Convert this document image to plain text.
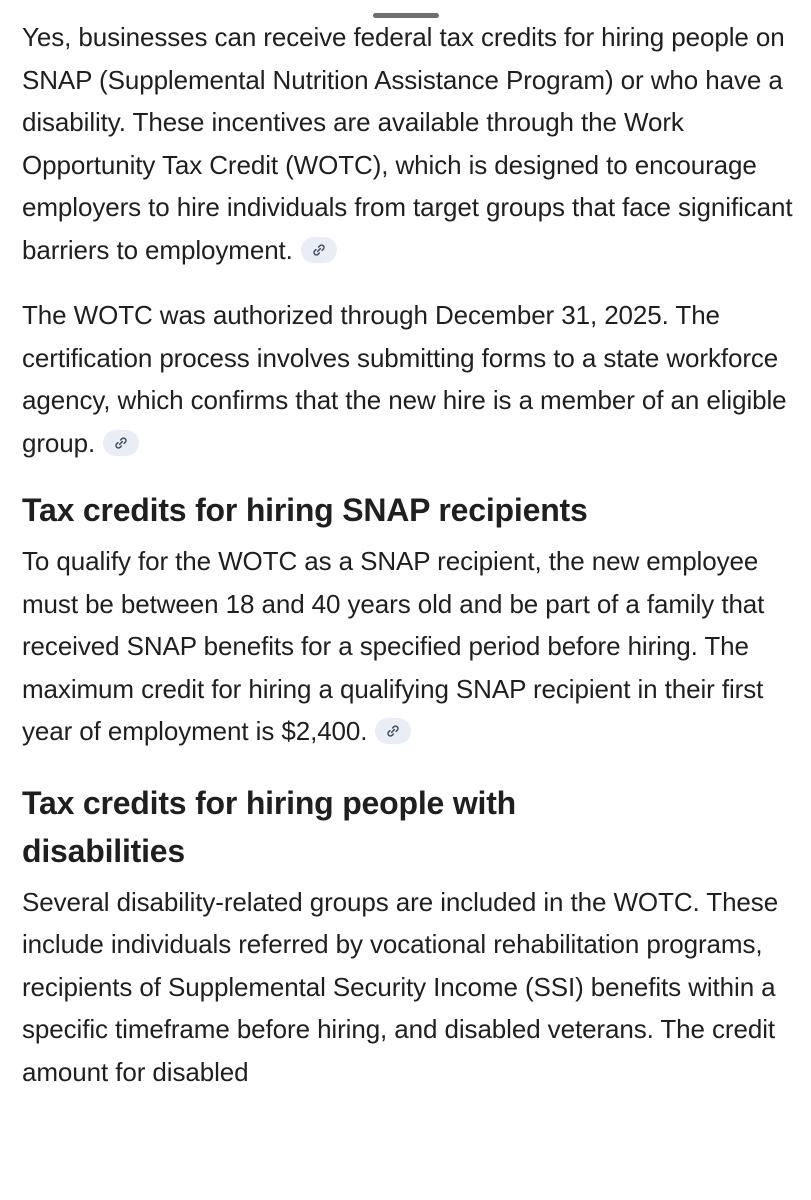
Yes, businesses can receive federal tax credits for hiring people on SNAP (Supplemental Nutrition Assistance Program) or who have a disability. These incentives are available through the Work Opportunity Tax Credit (WOTC), which is designed to encourage employers to hire individuals from target groups that face significant barriers to employment.

The WOTC was authorized through December 31, 2025. The certification process involves submitting forms to a state workforce agency, which confirms that the new hire is a member of an eligible group.

Tax credits for hiring SNAP recipients

To qualify for the WOTC as a SNAP recipient, the new employee must be between 18 and 40 years old and be part of a family that received SNAP benefits for a specified period before hiring. The maximum credit for hiring a qualifying SNAP recipient in their first year of employment is $2,400.

Tax credits for hiring people with disabilities

Several disability-related groups are included in the WOTC. These include individuals referred by vocational rehabilitation programs, recipients of Supplemental Security Income (SSI) benefits within a specific timeframe before hiring, and disabled veterans. The credit amount for disabled
